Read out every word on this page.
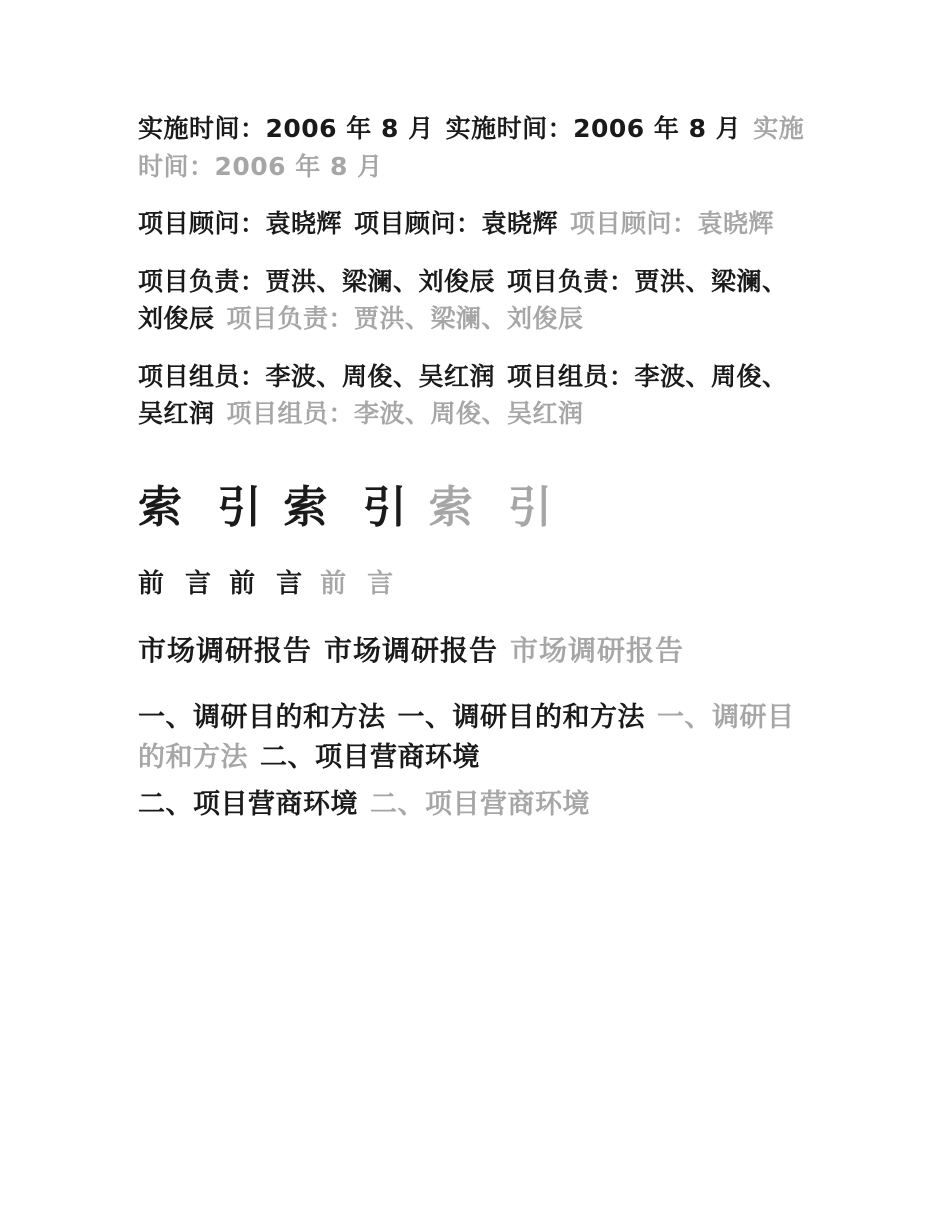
实施时间：2006 年 8 月 实施时间：2006 年 8 月 实施时间：2006 年 8 月

项目顾问：袁晓辉 项目顾问：袁晓辉 项目顾问：袁晓辉

项目负责：贾洪、梁澜、刘俊辰 项目负责：贾洪、梁澜、刘俊辰 项目负责：贾洪、梁澜、刘俊辰

项目组员：李波、周俊、吴红润 项目组员：李波、周俊、吴红润 项目组员：李波、周俊、吴红润

索 引 索 引 索 引

前 言 前 言 前 言

市场调研报告 市场调研报告 市场调研报告

一、调研目的和方法 一、调研目的和方法 一、调研目的和方法 二、项目营商环境

二、项目营商环境 二、项目营商环境
